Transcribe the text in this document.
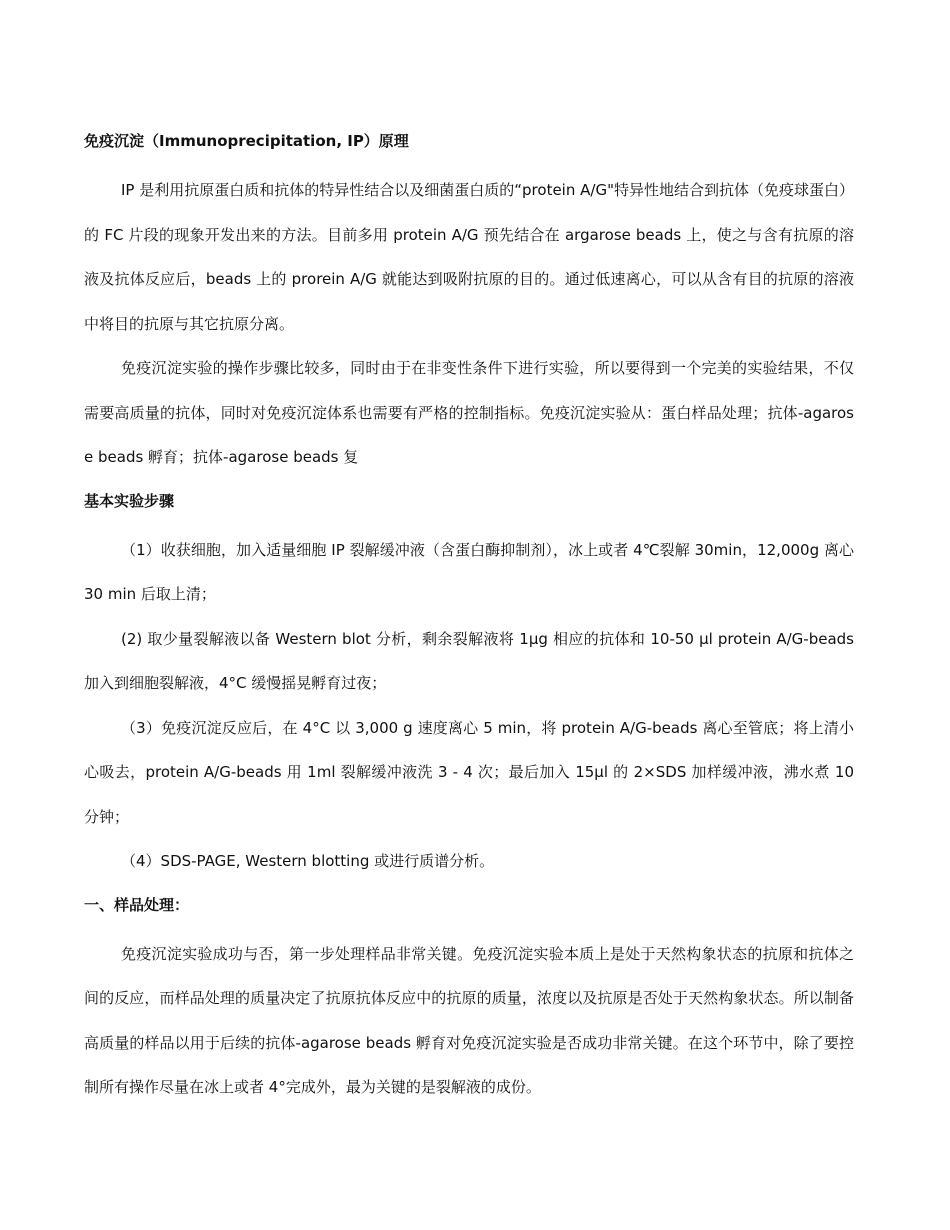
免疫沉淀（Immunoprecipitation, IP）原理

IP 是利用抗原蛋白质和抗体的特异性结合以及细菌蛋白质的“protein A/G"特异性地结合到抗体（免疫球蛋白）的 FC 片段的现象开发出来的方法。目前多用 protein A/G 预先结合在 argarose beads 上，使之与含有抗原的溶液及抗体反应后，beads 上的 prorein A/G 就能达到吸附抗原的目的。通过低速离心，可以从含有目的抗原的溶液中将目的抗原与其它抗原分离。

免疫沉淀实验的操作步骤比较多，同时由于在非变性条件下进行实验，所以要得到一个完美的实验结果，不仅需要高质量的抗体，同时对免疫沉淀体系也需要有严格的控制指标。免疫沉淀实验从：蛋白样品处理；抗体-agarose beads 孵育；抗体-agarose beads 复

基本实验步骤

（1）收获细胞，加入适量细胞 IP 裂解缓冲液（含蛋白酶抑制剂），冰上或者 4℃裂解 30min，12,000g 离心 30 min 后取上清；

(2) 取少量裂解液以备 Western blot 分析，剩余裂解液将 1μg 相应的抗体和 10-50 μl protein A/G-beads 加入到细胞裂解液，4°C 缓慢摇晃孵育过夜；

（3）免疫沉淀反应后，在 4°C 以 3,000 g 速度离心 5 min，将 protein A/G-beads 离心至管底；将上清小心吸去，protein A/G-beads 用 1ml 裂解缓冲液洗 3 - 4 次；最后加入 15μl 的 2×SDS 加样缓冲液，沸水煮 10 分钟；

（4）SDS-PAGE, Western blotting 或进行质谱分析。

一、样品处理：

免疫沉淀实验成功与否，第一步处理样品非常关键。免疫沉淀实验本质上是处于天然构象状态的抗原和抗体之间的反应，而样品处理的质量决定了抗原抗体反应中的抗原的质量，浓度以及抗原是否处于天然构象状态。所以制备高质量的样品以用于后续的抗体-agarose beads 孵育对免疫沉淀实验是否成功非常关键。在这个环节中，除了要控制所有操作尽量在冰上或者 4°完成外，最为关键的是裂解液的成份。
